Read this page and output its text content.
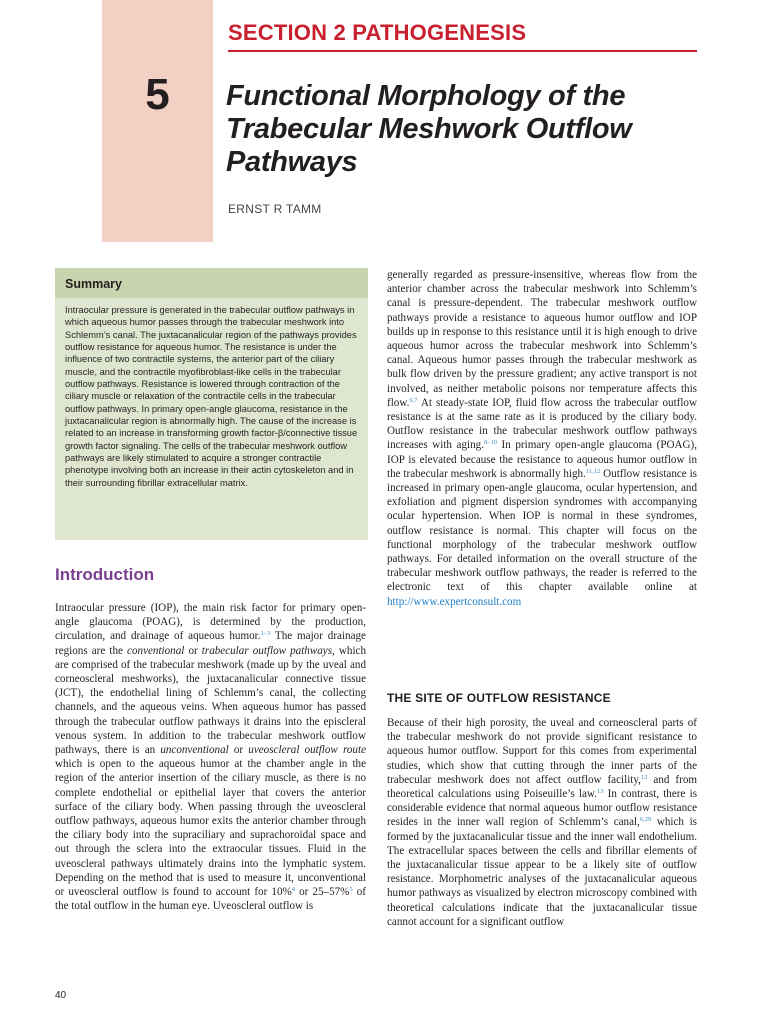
5
SECTION 2 PATHOGENESIS
Functional Morphology of the Trabecular Meshwork Outflow Pathways
ERNST R TAMM
Summary
Intraocular pressure is generated in the trabecular outflow pathways in which aqueous humor passes through the trabecular meshwork into Schlemm’s canal. The juxtacanalicular region of the pathways provides outflow resistance for aqueous humor. The resistance is under the influence of two contractile systems, the anterior part of the ciliary muscle, and the contractile myofibroblast-like cells in the trabecular outflow pathways. Resistance is lowered through contraction of the ciliary muscle or relaxation of the contractile cells in the trabecular outflow pathways. In primary open-angle glaucoma, resistance in the juxtacanalicular region is abnormally high. The cause of the increase is related to an increase in transforming growth factor-β/connective tissue growth factor signaling. The cells of the trabecular meshwork outflow pathways are likely stimulated to acquire a stronger contractile phenotype involving both an increase in their actin cytoskeleton and in their surrounding fibrillar extracellular matrix.
Introduction
Intraocular pressure (IOP), the main risk factor for primary open-angle glaucoma (POAG), is determined by the production, circulation, and drainage of aqueous humor.$^{1-3}$ The major drainage regions are the conventional or trabecular outflow pathways, which are comprised of the trabecular meshwork (made up by the uveal and corneoscleral meshworks), the juxtacanalicular connective tissue (JCT), the endothelial lining of Schlemm’s canal, the collecting channels, and the aqueous veins. When aqueous humor has passed through the trabecular outflow pathways it drains into the episcleral venous system. In addition to the trabecular meshwork outflow pathways, there is an unconventional or uveoscleral outflow route which is open to the aqueous humor at the chamber angle in the region of the anterior insertion of the ciliary muscle, as there is no complete endothelial or epithelial layer that covers the anterior surface of the ciliary body. When passing through the uveoscleral outflow pathways, aqueous humor exits the anterior chamber through the ciliary body into the supraciliary and suprachoroidal space and out through the sclera into the extraocular tissues. Fluid in the uveoscleral pathways ultimately drains into the lymphatic system. Depending on the method that is used to measure it, unconventional or uveoscleral outflow is found to account for 10%$^4$ or 25–57%$^5$ of the total outflow in the human eye. Uveoscleral outflow is
generally regarded as pressure-insensitive, whereas flow from the anterior chamber across the trabecular meshwork into Schlemm’s canal is pressure-dependent. The trabecular meshwork outflow pathways provide a resistance to aqueous humor outflow and IOP builds up in response to this resistance until it is high enough to drive aqueous humor across the trabecular meshwork into Schlemm’s canal. Aqueous humor passes through the trabecular meshwork as bulk flow driven by the pressure gradient; any active transport is not involved, as neither metabolic poisons nor temperature affects this flow.$^{6,7}$ At steady-state IOP, fluid flow across the trabecular outflow resistance is at the same rate as it is produced by the ciliary body. Outflow resistance in the trabecular meshwork outflow pathways increases with aging.$^{8-10}$ In primary open-angle glaucoma (POAG), IOP is elevated because the resistance to aqueous humor outflow in the trabecular meshwork is abnormally high.$^{11,12}$ Outflow resistance is increased in primary open-angle glaucoma, ocular hypertension, and exfoliation and pigment dispersion syndromes with accompanying ocular hypertension. When IOP is normal in these syndromes, outflow resistance is normal. This chapter will focus on the functional morphology of the trabecular meshwork outflow pathways. For detailed information on the overall structure of the trabecular meshwork outflow pathways, the reader is referred to the electronic text of this chapter available online at http://www.expertconsult.com
THE SITE OF OUTFLOW RESISTANCE
Because of their high porosity, the uveal and corneoscleral parts of the trabecular meshwork do not provide significant resistance to aqueous humor outflow. Support for this comes from experimental studies, which show that cutting through the inner parts of the trabecular meshwork does not affect outflow facility,$^{12}$ and from theoretical calculations using Poiseuille’s law.$^{13}$ In contrast, there is considerable evidence that normal aqueous humor outflow resistance resides in the inner wall region of Schlemm’s canal,$^{6,29}$ which is formed by the juxtacanalicular tissue and the inner wall endothelium. The extracellular spaces between the cells and fibrillar elements of the juxtacanalicular tissue appear to be a likely site of outflow resistance. Morphometric analyses of the juxtacanalicular aqueous humor pathways as visualized by electron microscopy combined with theoretical calculations indicate that the juxtacanalicular tissue cannot account for a significant outflow
40
